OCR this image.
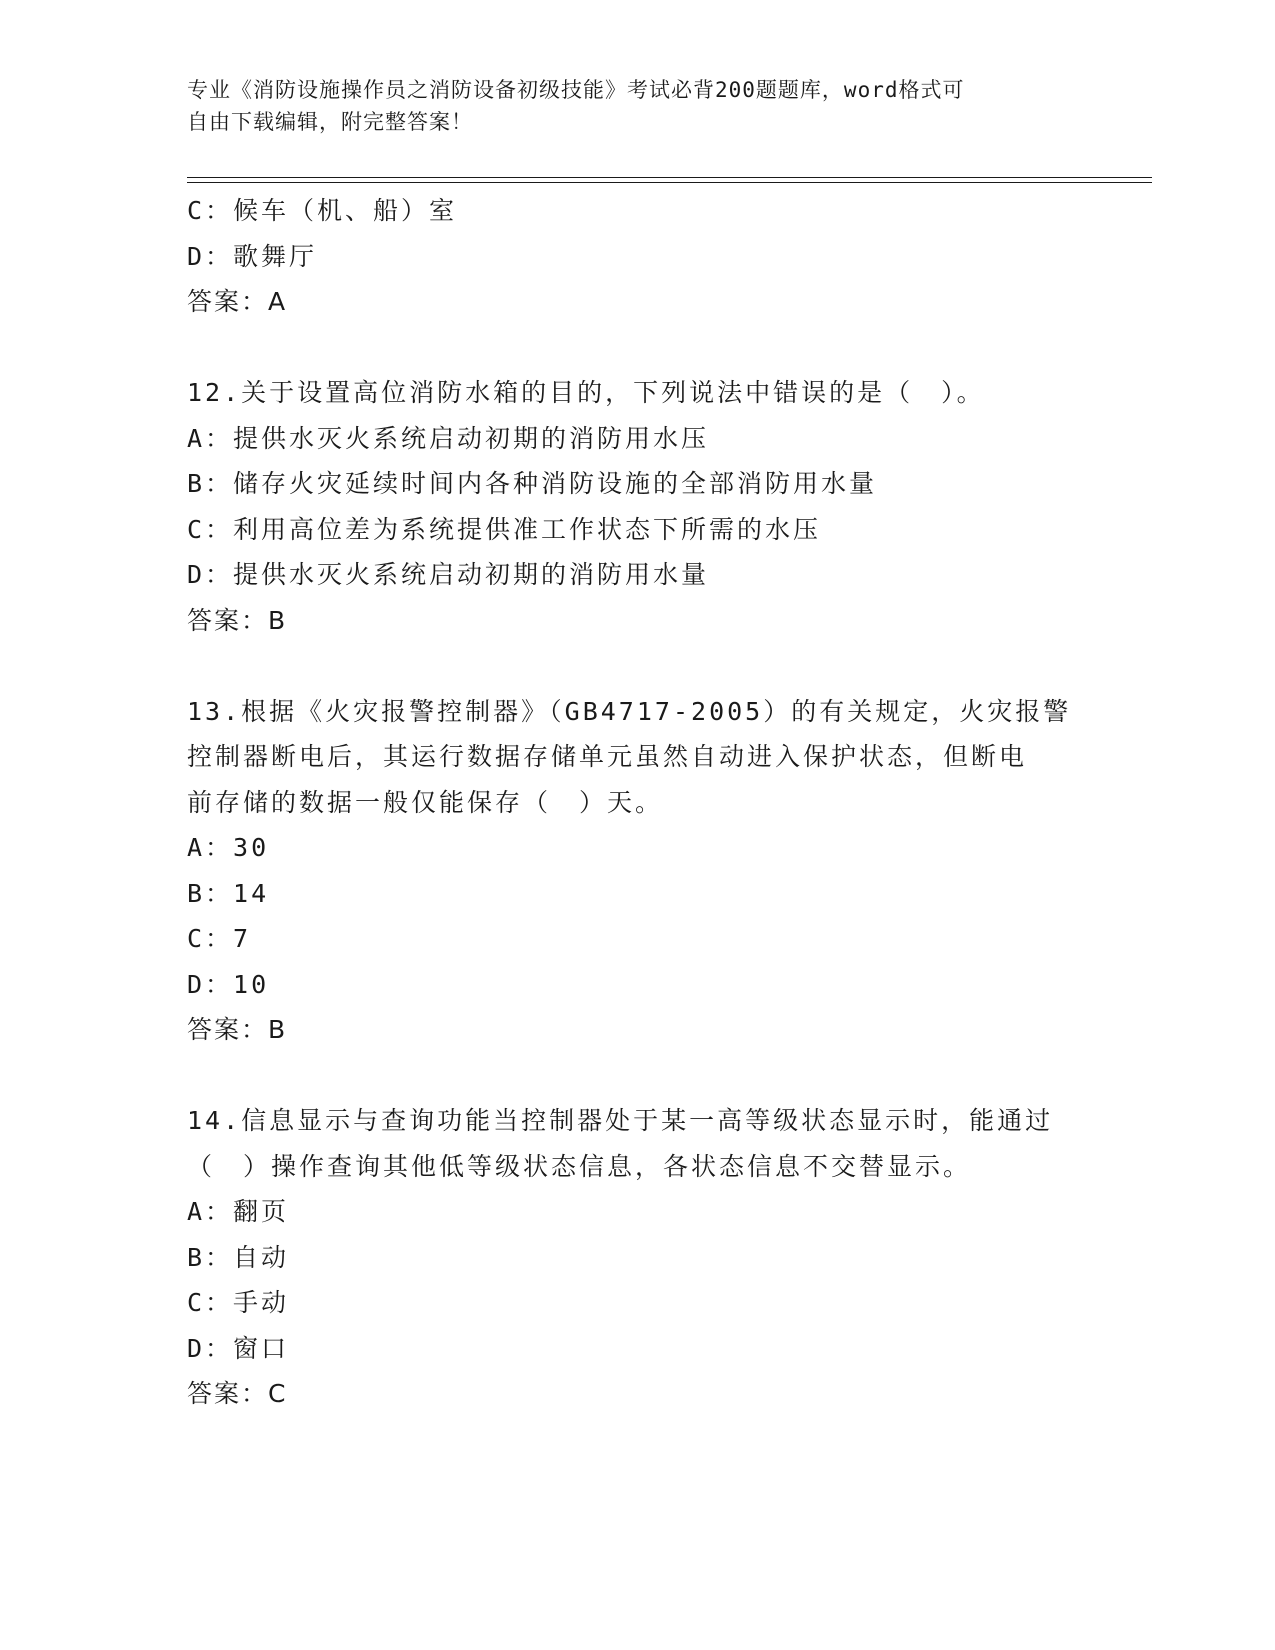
专业《消防设施操作员之消防设备初级技能》考试必背200题题库，word格式可
自由下载编辑，附完整答案！
C：候车（机、船）室
D：歌舞厅
答案：A
12.关于设置高位消防水箱的目的，下列说法中错误的是（　）。
A：提供水灭火系统启动初期的消防用水压
B：储存火灾延续时间内各种消防设施的全部消防用水量
C：利用高位差为系统提供准工作状态下所需的水压
D：提供水灭火系统启动初期的消防用水量
答案：B
13.根据《火灾报警控制器》（GB4717-2005）的有关规定，火灾报警
控制器断电后，其运行数据存储单元虽然自动进入保护状态，但断电
前存储的数据一般仅能保存（　）天。
A：30
B：14
C：7
D：10
答案：B
14.信息显示与查询功能当控制器处于某一高等级状态显示时，能通过
（　）操作查询其他低等级状态信息，各状态信息不交替显示。
A：翻页
B：自动
C：手动
D：窗口
答案：C
